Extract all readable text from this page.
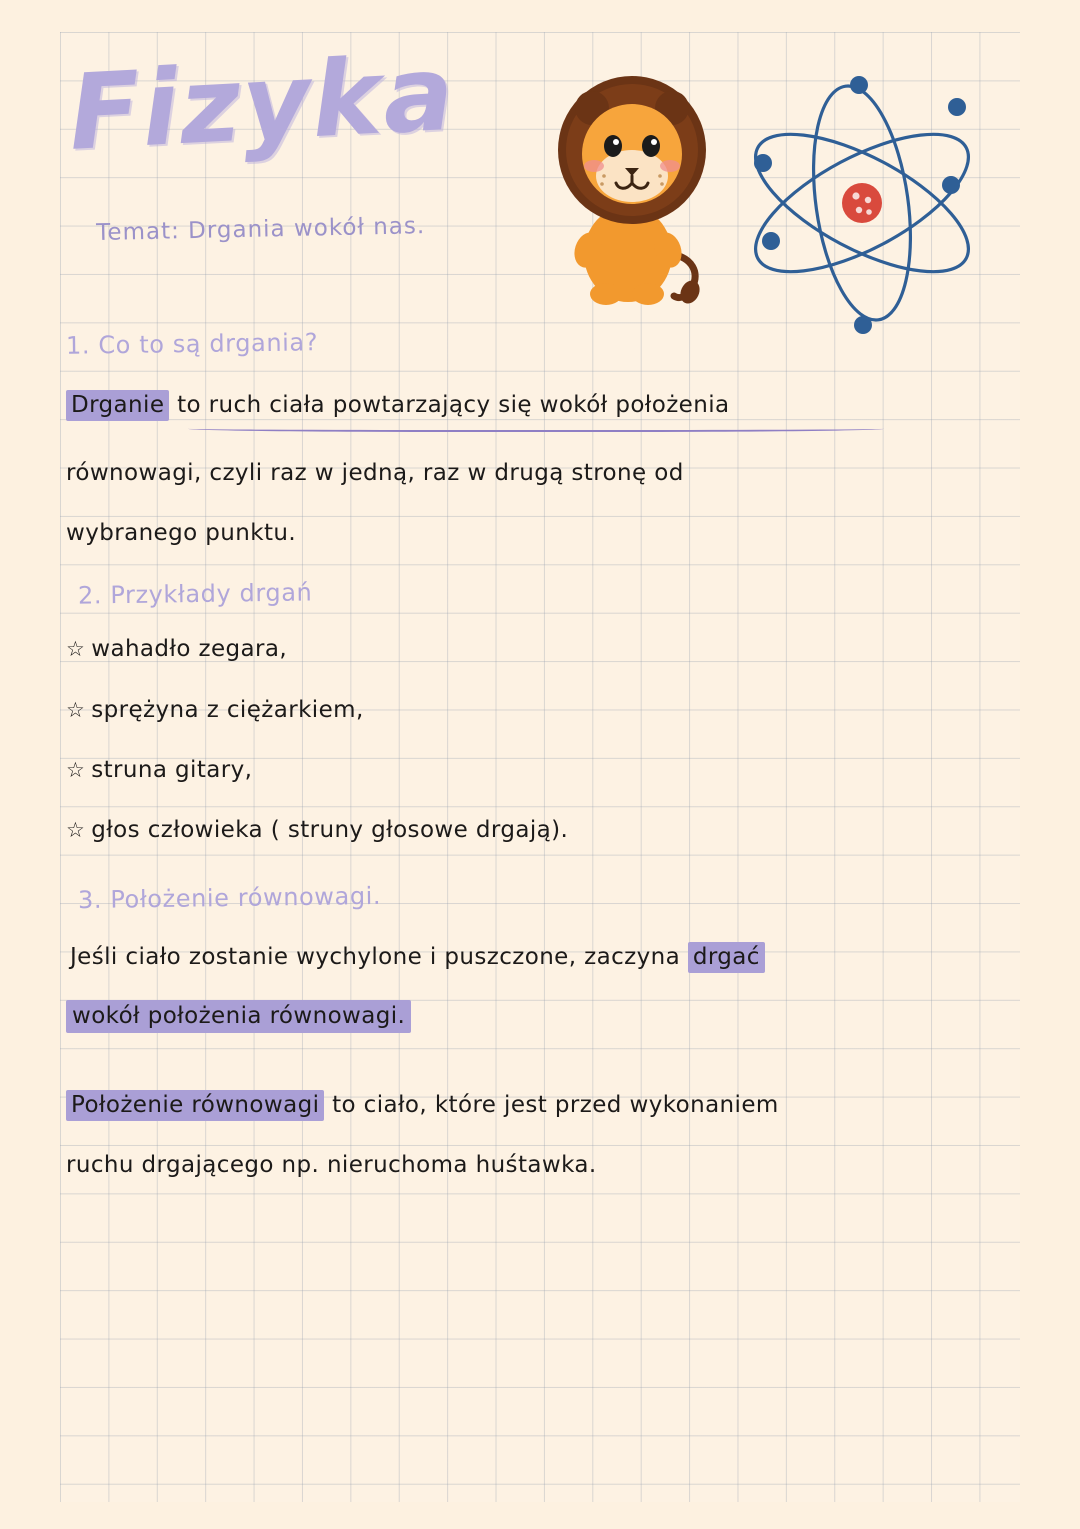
Fizyka
Temat: Drgania wokół nas.
1. Co to są drgania?
Drganie to ruch ciała powtarzający się wokół położenia
równowagi, czyli raz w jedną, raz w drugą stronę od
wybranego punktu.
2. Przykłady drgań
☆ wahadło zegara,
☆ sprężyna z ciężarkiem,
☆ struna gitary,
☆ głos człowieka ( struny głosowe drgają).
3. Położenie równowagi.
Jeśli ciało zostanie wychylone i puszczone, zaczyna drgać
wokół położenia równowagi.
Położenie równowagi to ciało, które jest przed wykonaniem
ruchu drgającego np. nieruchoma huśtawka.
